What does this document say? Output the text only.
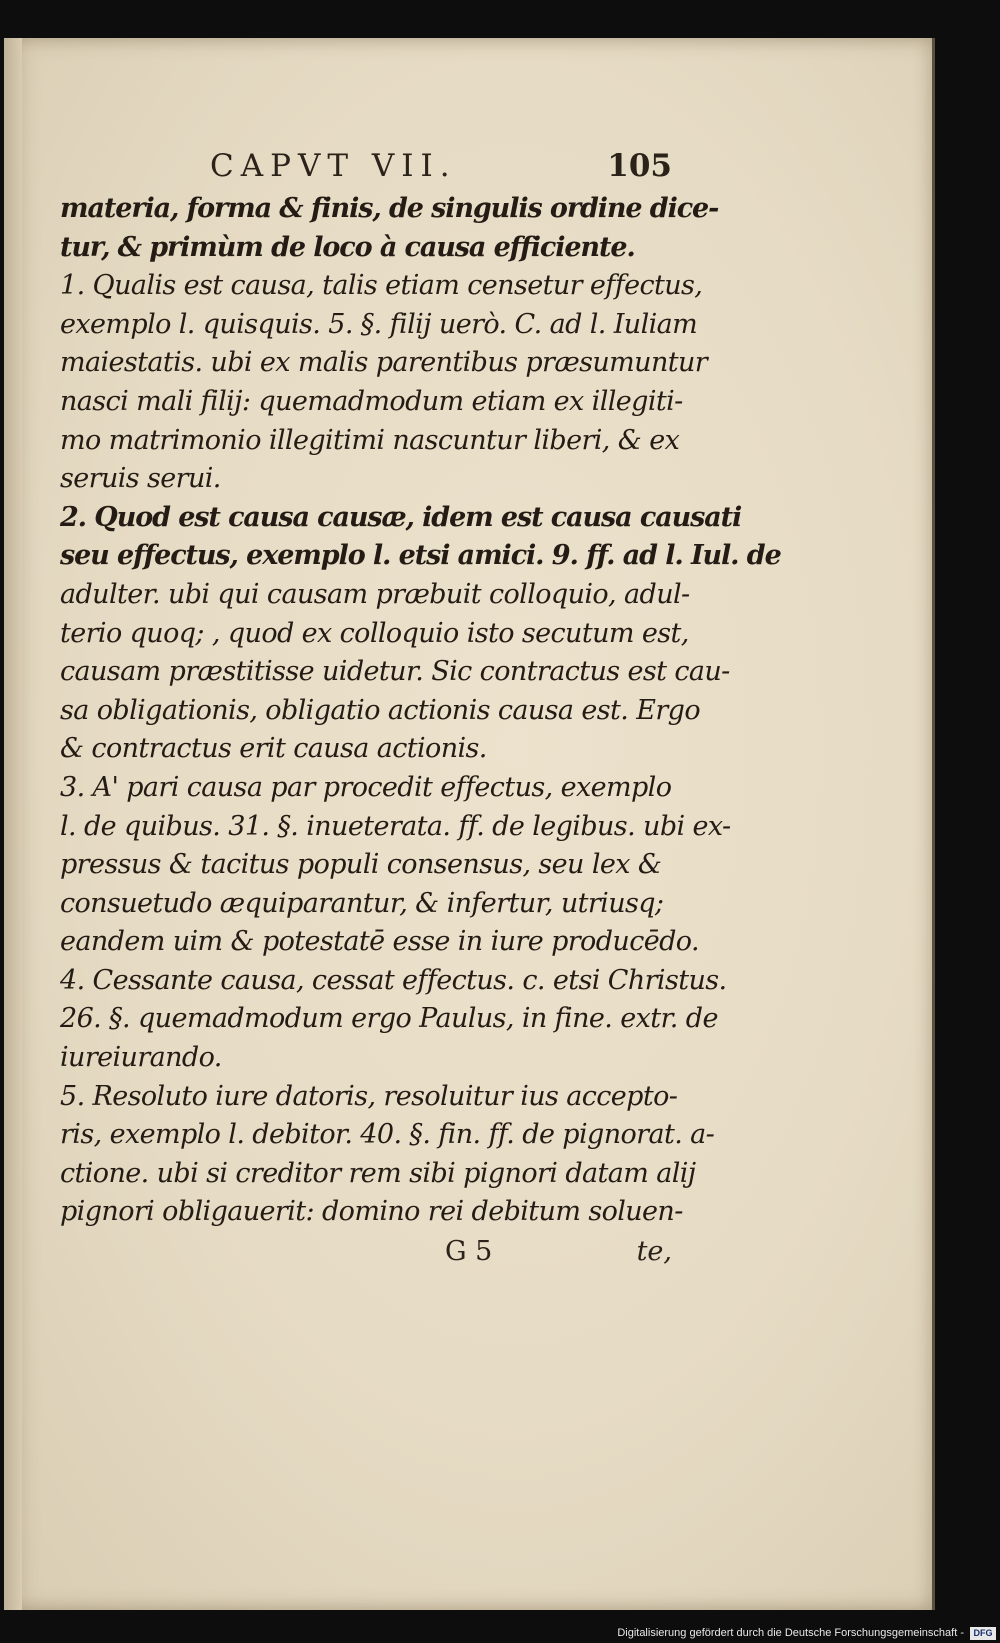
CAPVT VII.	105
materia, forma & finis, de singulis ordine dice-
tur, & primùm de loco à causa efficiente.
1. Qualis est causa, talis etiam censetur effectus,
exemplo l. quisquis. 5. §. filij uerò. C. ad l. Iuliam
maiestatis. ubi ex malis parentibus præsumuntur
nasci mali filij: quemadmodum etiam ex illegiti-
mo matrimonio illegitimi nascuntur liberi, & ex
seruis serui.
2. Quod est causa causæ, idem est causa causati
seu effectus, exemplo l. etsi amici. 9. ff. ad l. Iul. de
adulter. ubi qui causam præbuit colloquio, adul-
terio quoq; , quod ex colloquio isto secutum est,
causam præstitisse uidetur. Sic contractus est cau-
sa obligationis, obligatio actionis causa est. Ergo
& contractus erit causa actionis.
3. A' pari causa par procedit effectus, exemplo
l. de quibus. 31. §. inueterata. ff. de legibus. ubi ex-
pressus & tacitus populi consensus, seu lex &
consuetudo æquiparantur, & infertur, utriusq;
eandem uim & potestatē esse in iure producēdo.
4. Cessante causa, cessat effectus. c. etsi Christus.
26. §. quemadmodum ergo Paulus, in fine. extr. de
iureiurando.
5. Resoluto iure datoris, resoluitur ius accepto-
ris, exemplo l. debitor. 40. §. fin. ff. de pignorat. a-
ctione. ubi si creditor rem sibi pignori datam alij
pignori obligauerit: domino rei debitum soluen-
G 5	te,
Digitalisierung gefördert durch die Deutsche Forschungsgemeinschaft -	DFG
